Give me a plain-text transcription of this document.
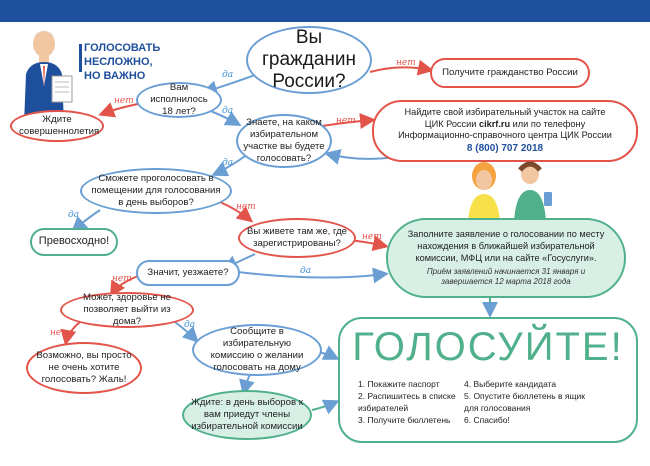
ГОЛОСОВАТЬ НЕСЛОЖНО,
НО ВАЖНО
Вы гражданин России?	Получите гражданство России
Вам исполнилось 18 лет?
Ждите совершеннолетия
Знаете, на каком избирательном участке вы будете голосовать?
Найдите свой избирательный участок на сайте
ЦИК России cikrf.ru или по телефону
Информационно-справочного центра ЦИК России
8 (800) 707 2018
Сможете проголосовать в помещении для голосования в день выборов?
Превосходно!
Вы живете там же, где зарегистрированы?
Заполните заявление о голосовании по месту нахождения в ближайшей избирательной комиссии, МФЦ или на сайте «Госуслуги».
Приём заявлений начинается 31 января и завершается 12 марта 2018 года
Значит, уезжаете?
Может, здоровье не позволяет выйти из дома?
Возможно, вы просто не очень хотите голосовать? Жаль!
Сообщите в избирательную комиссию о желании голосовать на дому
Ждите: в день выборов к вам приедут члены избирательной комиссии
ГОЛОСУЙТЕ!
1. Покажите паспорт
2. Распишитесь в списке избирателей
3. Получите бюллетень
4. Выберите кандидата
5. Опустите бюллетень в ящик для голосования
6. Спасибо!
нет
да
нет
да
нет
да
да
нет
нет
да
нет
нет
да
